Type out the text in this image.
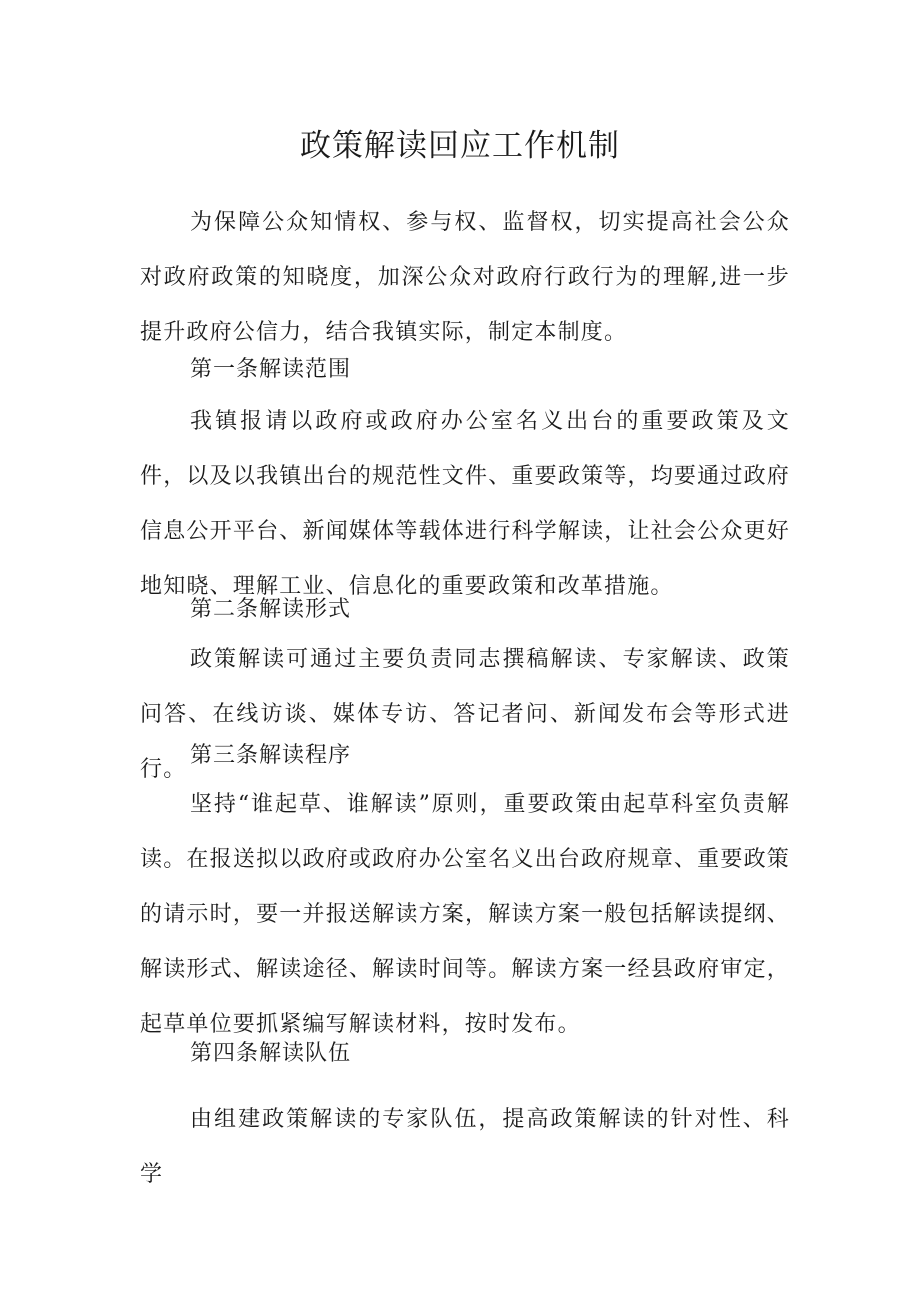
政策解读回应工作机制

为保障公众知情权、参与权、监督权，切实提高社会公众对政府政策的知晓度，加深公众对政府行政行为的理解,进一步提升政府公信力，结合我镇实际，制定本制度。

第一条解读范围

我镇报请以政府或政府办公室名义出台的重要政策及文件，以及以我镇出台的规范性文件、重要政策等，均要通过政府信息公开平台、新闻媒体等载体进行科学解读，让社会公众更好地知晓、理解工业、信息化的重要政策和改革措施。

第二条解读形式

政策解读可通过主要负责同志撰稿解读、专家解读、政策问答、在线访谈、媒体专访、答记者问、新闻发布会等形式进行。

第三条解读程序

坚持“谁起草、谁解读”原则，重要政策由起草科室负责解读。在报送拟以政府或政府办公室名义出台政府规章、重要政策的请示时，要一并报送解读方案，解读方案一般包括解读提纲、解读形式、解读途径、解读时间等。解读方案一经县政府审定，起草单位要抓紧编写解读材料，按时发布。

第四条解读队伍

由组建政策解读的专家队伍，提高政策解读的针对性、科学
